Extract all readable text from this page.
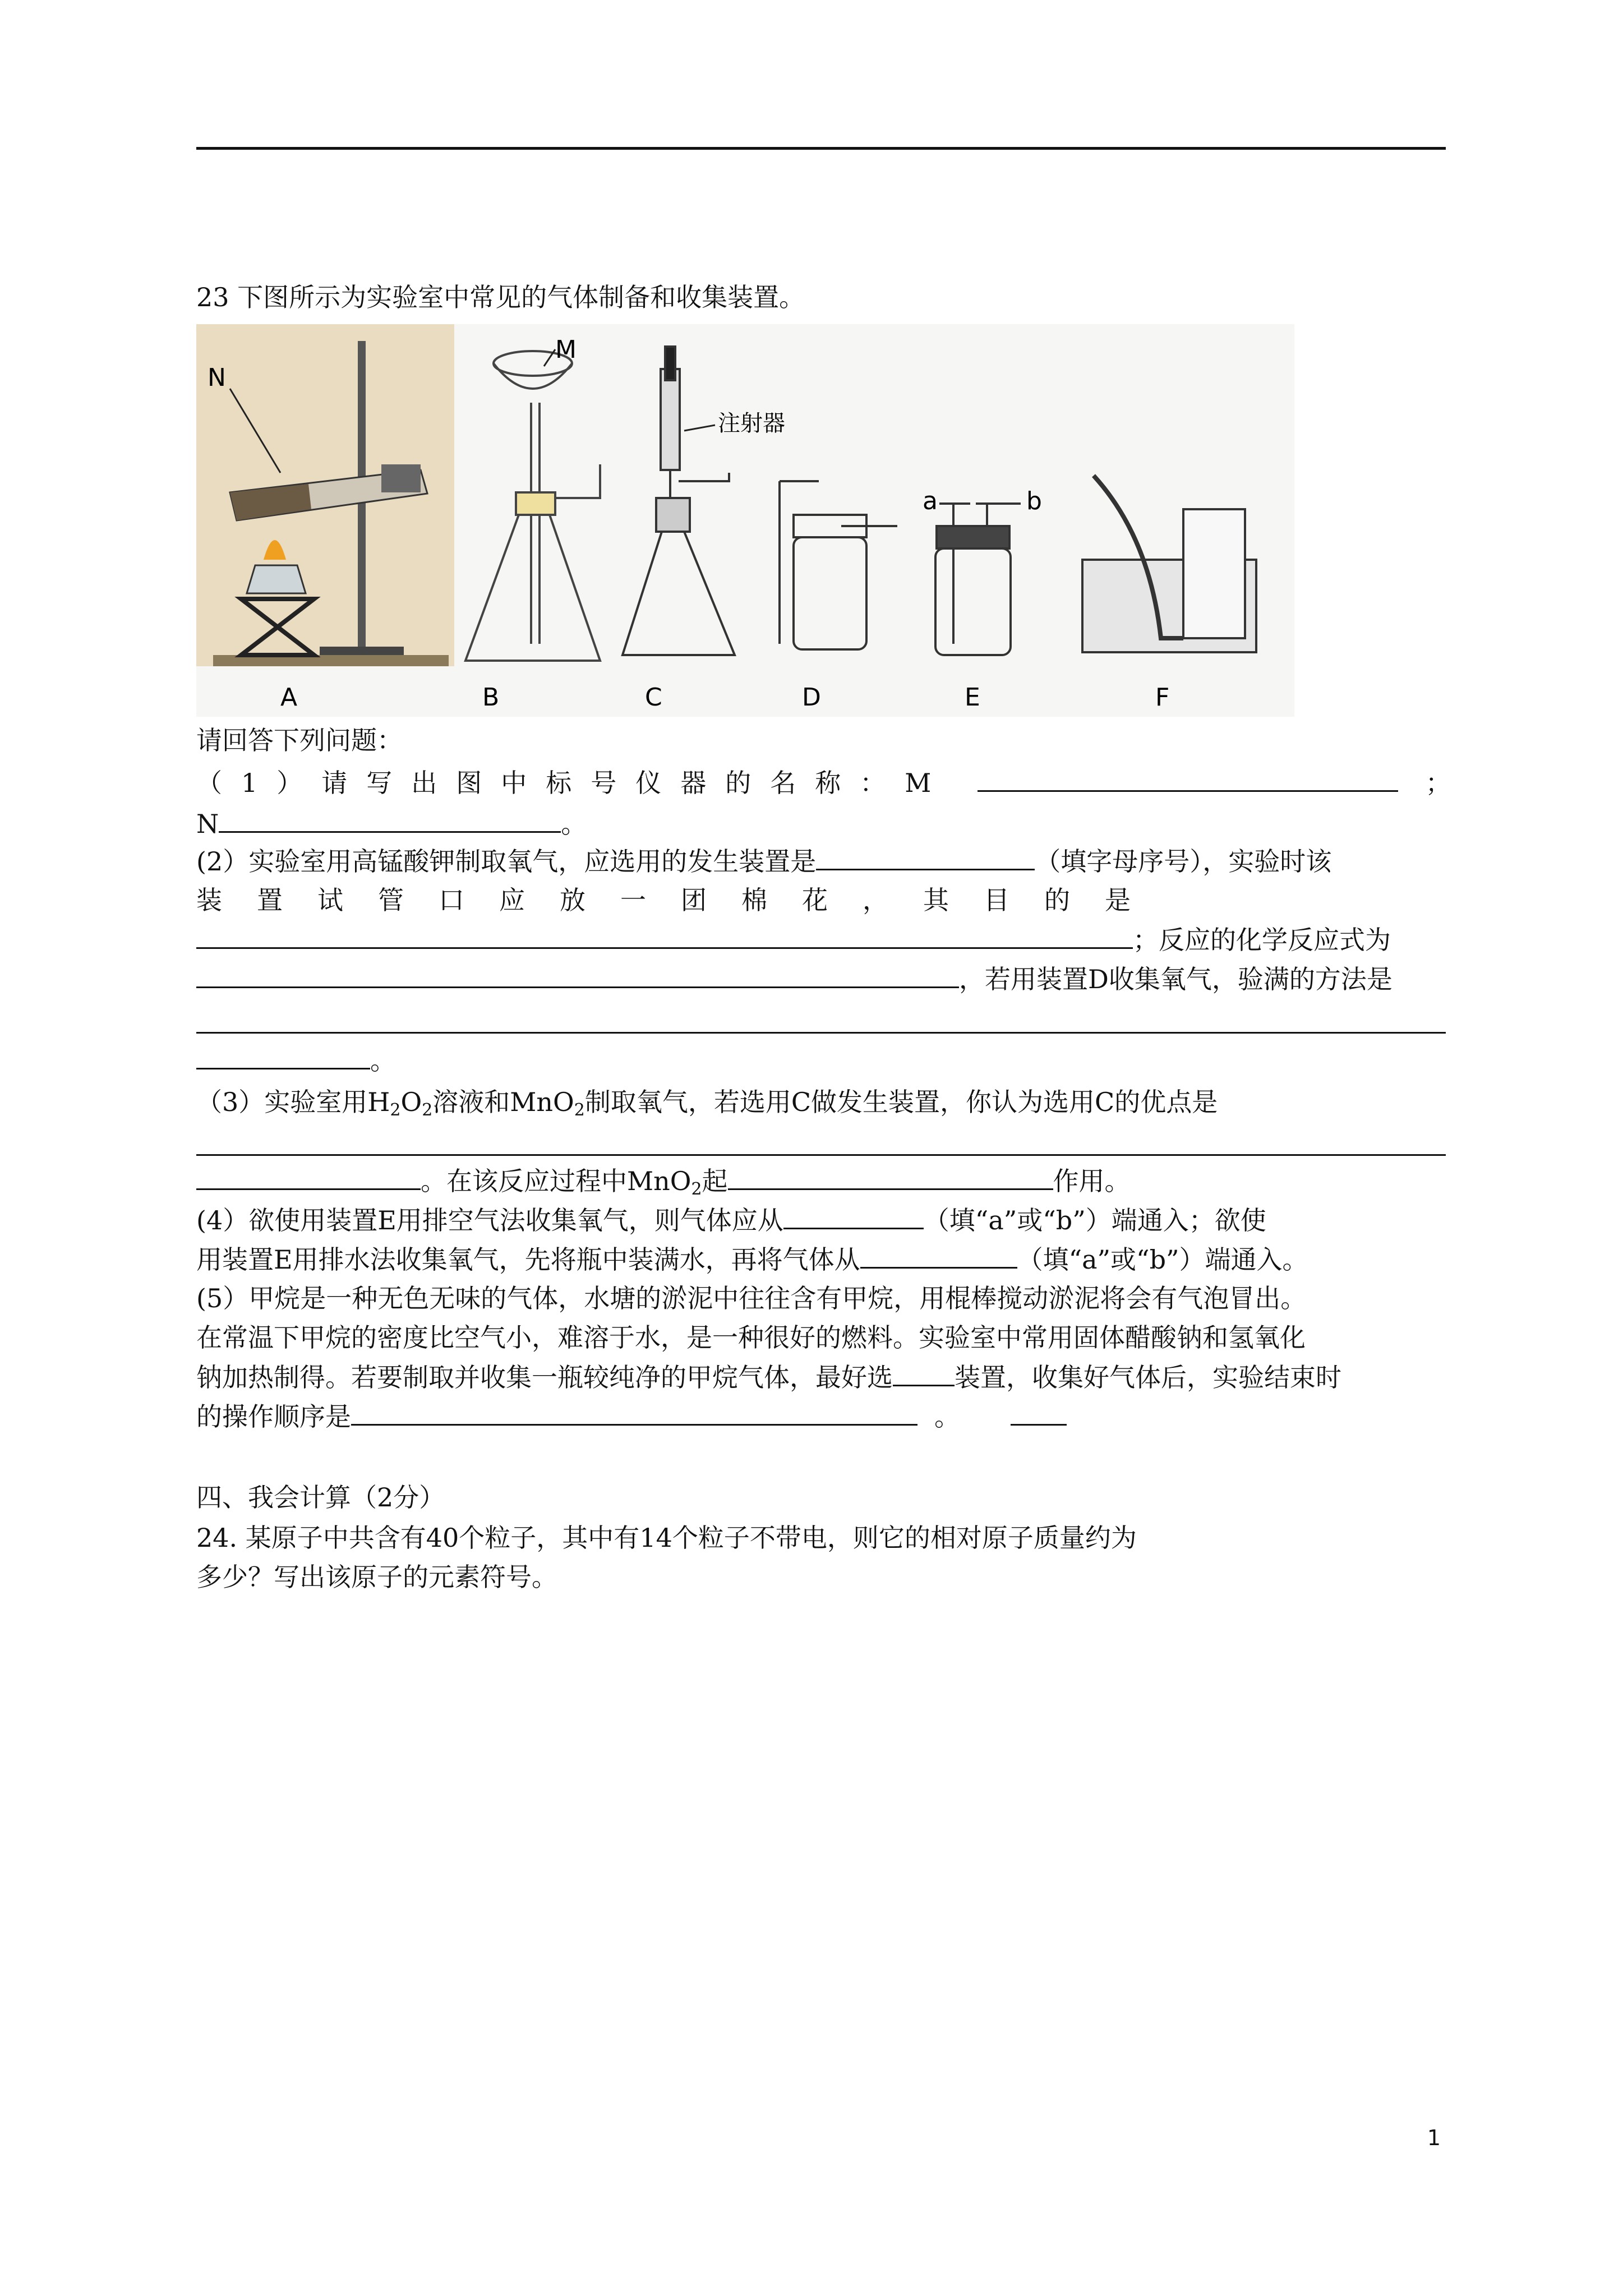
23 下图所示为实验室中常见的气体制备和收集装置。
N
M
注射器
a	b
A	B	C	D	E	F
请回答下列问题：
（1）请写出图中标号仪器的名称：M	；
N	。
(2）实验室用高锰酸钾制取氧气，应选用的发生装置是	（填字母序号），实验时该
装置试管口应放一团棉花，其目的是
；反应的化学反应式为
，若用装置D收集氧气，验满的方法是
。
（3）实验室用$H_2O_2$溶液和MnO$_2$制取氧气，若选用C做发生装置，你认为选用C的优点是
。在该反应过程中MnO$_2$起	作用。
(4）欲使用装置E用排空气法收集氧气，则气体应从	（填“a”或“b”）端通入；欲使
用装置E用排水法收集氧气，先将瓶中装满水，再将气体从	（填“a”或“b”）端通入。
(5）甲烷是一种无色无味的气体，水塘的淤泥中往往含有甲烷，用棍棒搅动淤泥将会有气泡冒出。
在常温下甲烷的密度比空气小，难溶于水，是一种很好的燃料。实验室中常用固体醋酸钠和氢氧化
钠加热制得。若要制取并收集一瓶较纯净的甲烷气体，最好选 装置，收集好气体后，实验结束时
的操作顺序是	。
四、我会计算（2分）
24. 某原子中共含有40个粒子，其中有14个粒子不带电，则它的相对原子质量约为
多少？写出该原子的元素符号。
1
